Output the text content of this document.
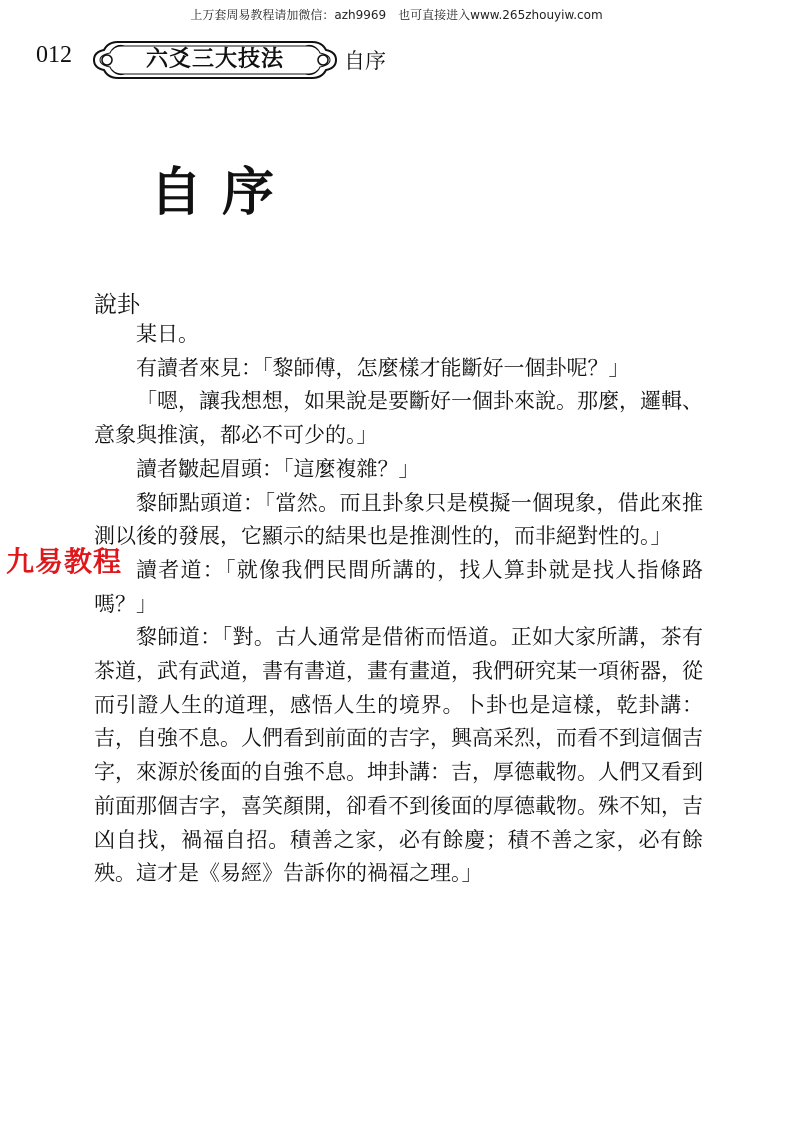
上万套周易教程请加微信：azh9969　也可直接进入www.265zhouyiw.com
012	六爻三大技法	自序
自序
說卦

某日。

有讀者來見：「黎師傅，怎麼樣才能斷好一個卦呢？」

「嗯，讓我想想，如果說是要斷好一個卦來說。那麼，邏輯、意象與推演，都必不可少的。」

讀者皺起眉頭：「這麼複雜？」

黎師點頭道：「當然。而且卦象只是模擬一個現象，借此來推測以後的發展，它顯示的結果也是推測性的，而非絕對性的。」

讀者道：「就像我們民間所講的，找人算卦就是找人指條路嗎？」

黎師道：「對。古人通常是借術而悟道。正如大家所講，茶有茶道，武有武道，書有書道，畫有畫道，我們研究某一項術器，從而引證人生的道理，感悟人生的境界。卜卦也是這樣，乾卦講：吉，自強不息。人們看到前面的吉字，興高采烈，而看不到這個吉字，來源於後面的自強不息。坤卦講：吉，厚德載物。人們又看到前面那個吉字，喜笑顏開，卻看不到後面的厚德載物。殊不知，吉凶自找，禍福自招。積善之家，必有餘慶；積不善之家，必有餘殃。這才是《易經》告訴你的禍福之理。」

九易教程
